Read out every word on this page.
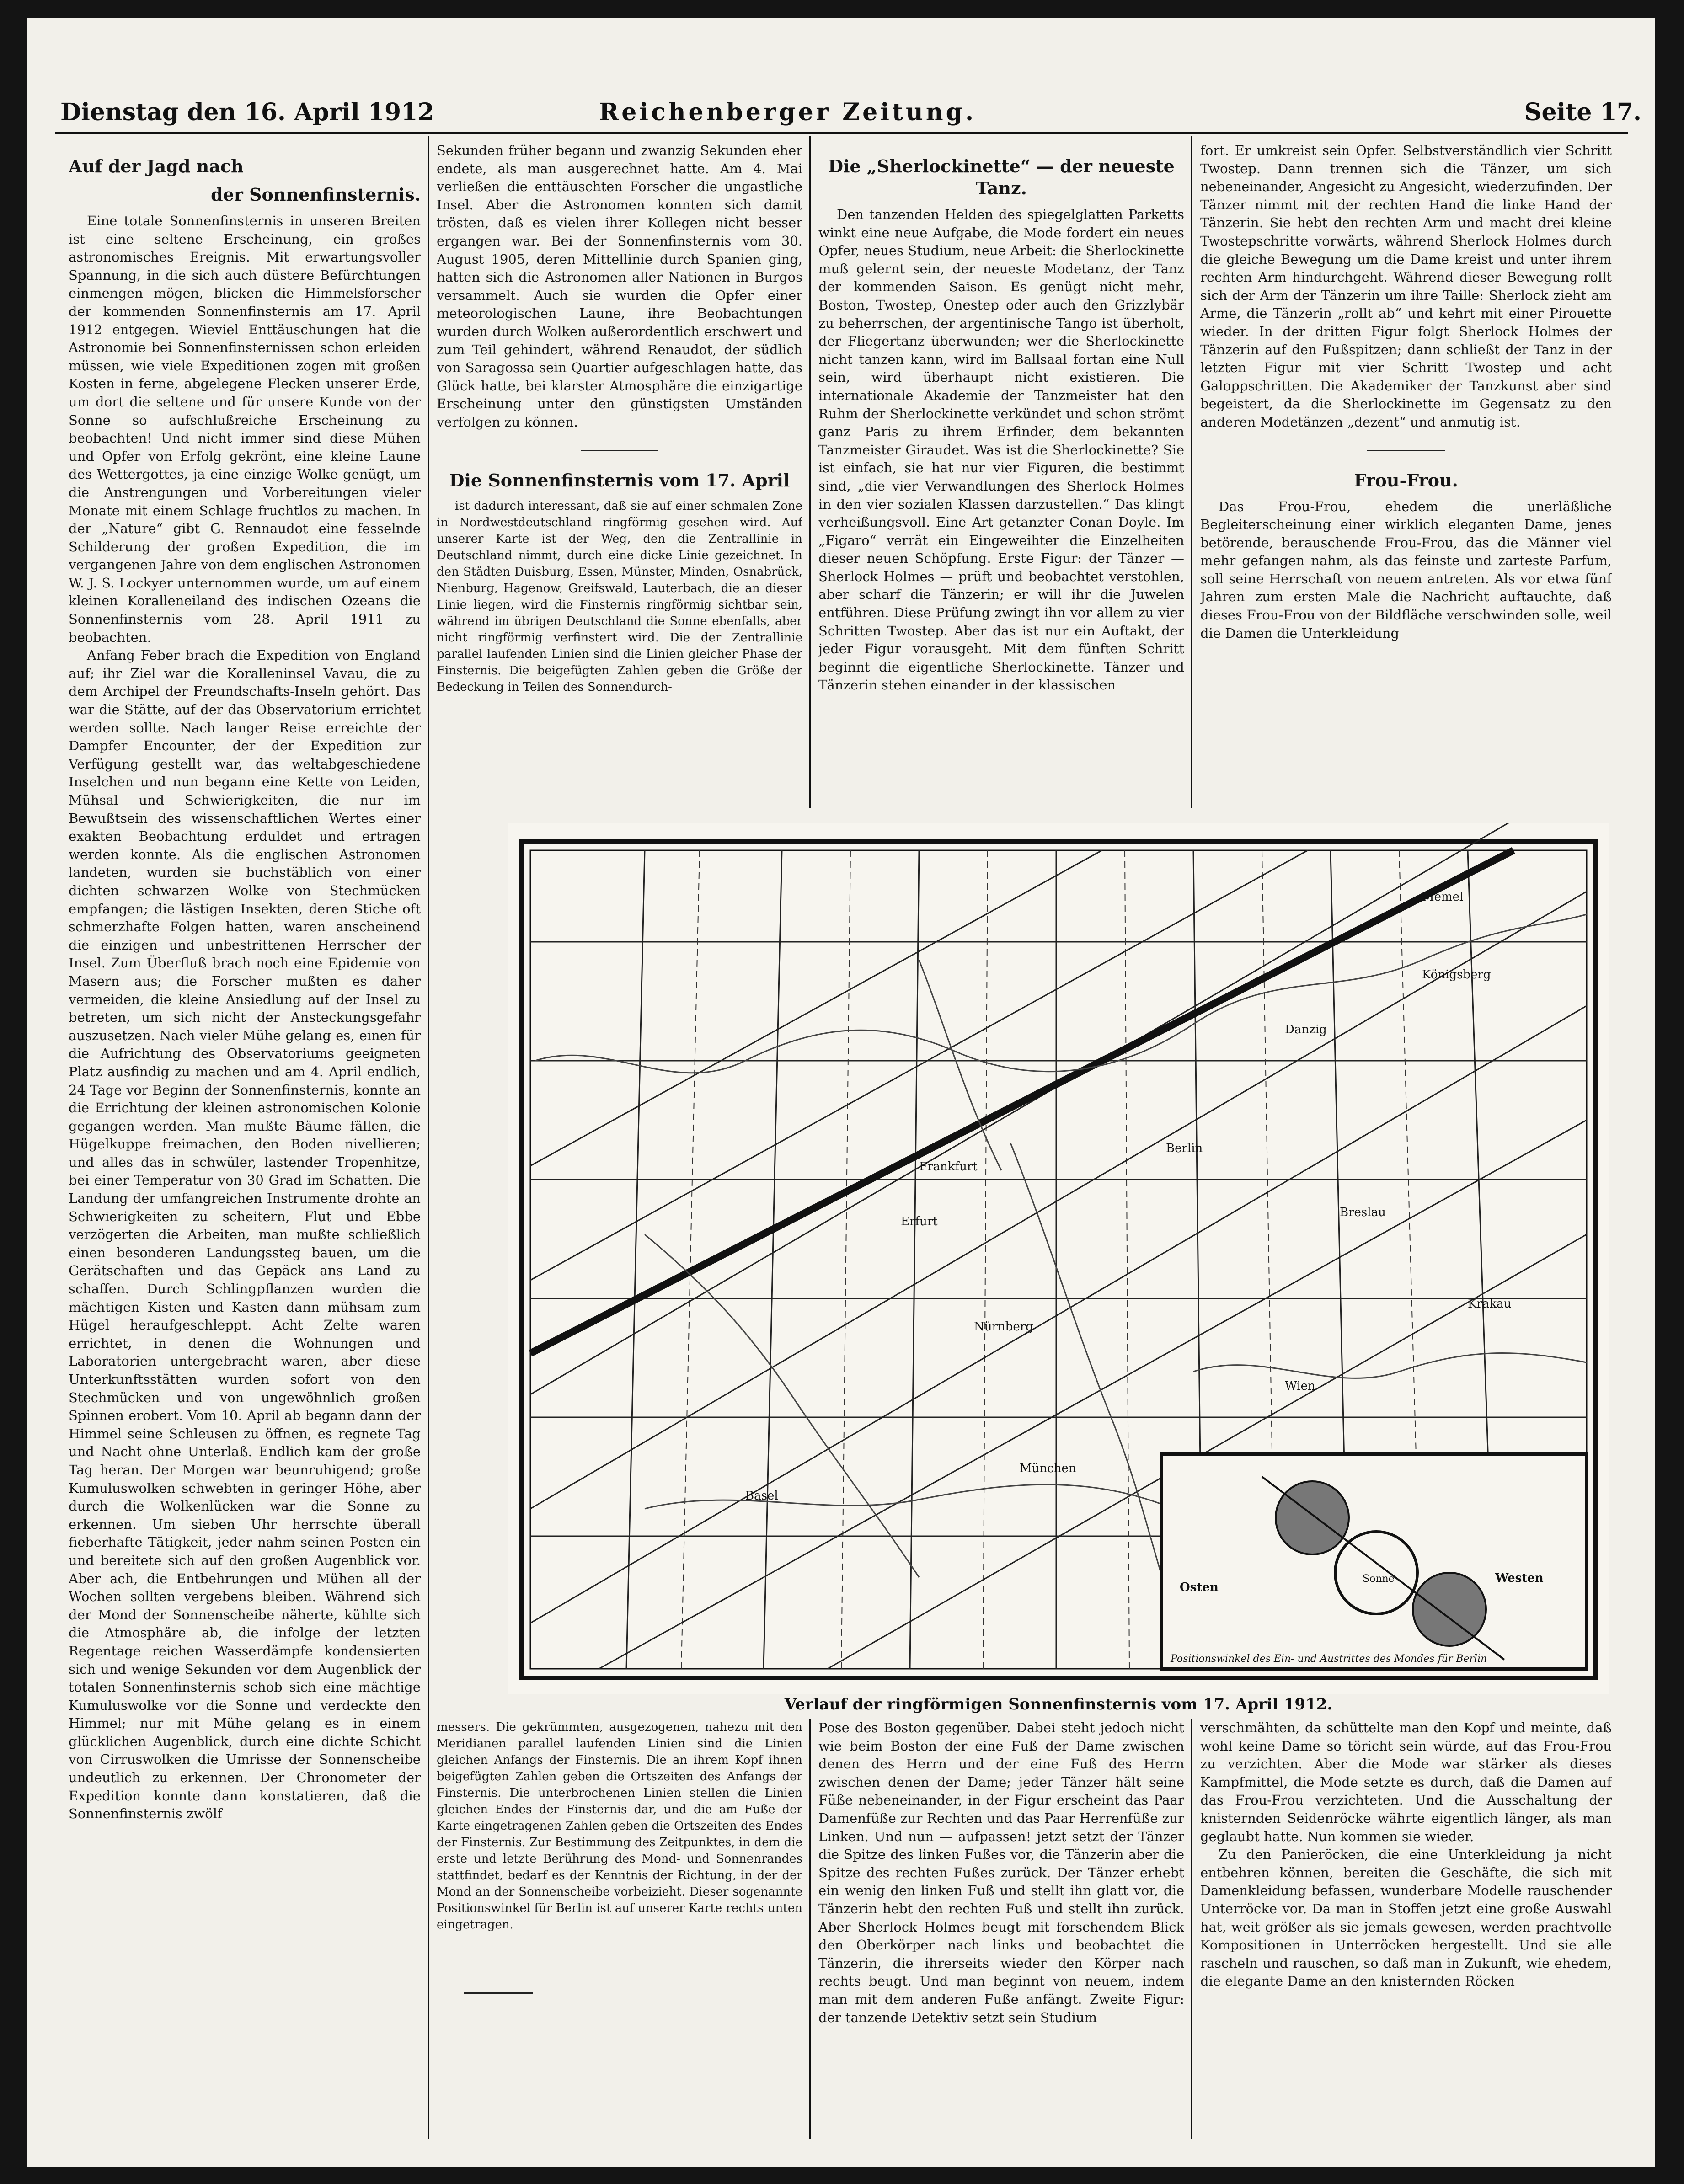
Dienstag den 16. April 1912	Reichenberger Zeitung.	Seite 17.
Auf der Jagd nach
der Sonnenfinsternis.

Eine totale Sonnenfinsternis in unseren Breiten ist eine seltene Erscheinung, ein großes astronomisches Ereignis. Mit erwartungsvoller Spannung, in die sich auch düstere Befürchtungen einmengen mögen, blicken die Himmelsforscher der kommenden Sonnenfinsternis am 17. April 1912 entgegen. Wieviel Enttäuschungen hat die Astronomie bei Sonnenfinsternissen schon erleiden müssen, wie viele Expeditionen zogen mit großen Kosten in ferne, abgelegene Flecken unserer Erde, um dort die seltene und für unsere Kunde von der Sonne so aufschlußreiche Erscheinung zu beobachten! Und nicht immer sind diese Mühen und Opfer von Erfolg gekrönt, eine kleine Laune des Wettergottes, ja eine einzige Wolke genügt, um die Anstrengungen und Vorbereitungen vieler Monate mit einem Schlage fruchtlos zu machen. In der „Nature“ gibt G. Rennaudot eine fesselnde Schilderung der großen Expedition, die im vergangenen Jahre von dem englischen Astronomen W. J. S. Lockyer unternommen wurde, um auf einem kleinen Koralleneiland des indischen Ozeans die Sonnenfinsternis vom 28. April 1911 zu beobachten.

Anfang Feber brach die Expedition von England auf; ihr Ziel war die Koralleninsel Vavau, die zu dem Archipel der Freundschafts-Inseln gehört. Das war die Stätte, auf der das Observatorium errichtet werden sollte. Nach langer Reise erreichte der Dampfer Encounter, der der Expedition zur Verfügung gestellt war, das weltabgeschiedene Inselchen und nun begann eine Kette von Leiden, Mühsal und Schwierigkeiten, die nur im Bewußtsein des wissenschaftlichen Wertes einer exakten Beobachtung erduldet und ertragen werden konnte. Als die englischen Astronomen landeten, wurden sie buchstäblich von einer dichten schwarzen Wolke von Stechmücken empfangen; die lästigen Insekten, deren Stiche oft schmerzhafte Folgen hatten, waren anscheinend die einzigen und unbestrittenen Herrscher der Insel. Zum Überfluß brach noch eine Epidemie von Masern aus; die Forscher mußten es daher vermeiden, die kleine Ansiedlung auf der Insel zu betreten, um sich nicht der Ansteckungsgefahr auszusetzen. Nach vieler Mühe gelang es, einen für die Aufrichtung des Observatoriums geeigneten Platz ausfindig zu machen und am 4. April endlich, 24 Tage vor Beginn der Sonnenfinsternis, konnte an die Errichtung der kleinen astronomischen Kolonie gegangen werden. Man mußte Bäume fällen, die Hügelkuppe freimachen, den Boden nivellieren; und alles das in schwüler, lastender Tropenhitze, bei einer Temperatur von 30 Grad im Schatten. Die Landung der umfangreichen Instrumente drohte an Schwierigkeiten zu scheitern, Flut und Ebbe verzögerten die Arbeiten, man mußte schließlich einen besonderen Landungssteg bauen, um die Gerätschaften und das Gepäck ans Land zu schaffen. Durch Schlingpflanzen wurden die mächtigen Kisten und Kasten dann mühsam zum Hügel heraufgeschleppt. Acht Zelte waren errichtet, in denen die Wohnungen und Laboratorien untergebracht waren, aber diese Unterkunftsstätten wurden sofort von den Stechmücken und von ungewöhnlich großen Spinnen erobert. Vom 10. April ab begann dann der Himmel seine Schleusen zu öffnen, es regnete Tag und Nacht ohne Unterlaß. Endlich kam der große Tag heran. Der Morgen war beunruhigend; große Kumuluswolken schwebten in geringer Höhe, aber durch die Wolkenlücken war die Sonne zu erkennen. Um sieben Uhr herrschte überall fieberhafte Tätigkeit, jeder nahm seinen Posten ein und bereitete sich auf den großen Augenblick vor. Aber ach, die Entbehrungen und Mühen all der Wochen sollten vergebens bleiben. Während sich der Mond der Sonnenscheibe näherte, kühlte sich die Atmosphäre ab, die infolge der letzten Regentage reichen Wasserdämpfe kondensierten sich und wenige Sekunden vor dem Augenblick der totalen Sonnenfinsternis schob sich eine mächtige Kumuluswolke vor die Sonne und verdeckte den Himmel; nur mit Mühe gelang es in einem glücklichen Augenblick, durch eine dichte Schicht von Cirruswolken die Umrisse der Sonnenscheibe undeutlich zu erkennen. Der Chronometer der Expedition konnte dann konstatieren, daß die Sonnenfinsternis zwölf

Sekunden früher begann und zwanzig Sekunden eher endete, als man ausgerechnet hatte. Am 4. Mai verließen die enttäuschten Forscher die ungastliche Insel. Aber die Astronomen konnten sich damit trösten, daß es vielen ihrer Kollegen nicht besser ergangen war. Bei der Sonnenfinsternis vom 30. August 1905, deren Mittellinie durch Spanien ging, hatten sich die Astronomen aller Nationen in Burgos versammelt. Auch sie wurden die Opfer einer meteorologischen Laune, ihre Beobachtungen wurden durch Wolken außerordentlich erschwert und zum Teil gehindert, während Renaudot, der südlich von Saragossa sein Quartier aufgeschlagen hatte, das Glück hatte, bei klarster Atmosphäre die einzigartige Erscheinung unter den günstigsten Umständen verfolgen zu können.

Die Sonnenfinsternis vom 17. April

ist dadurch interessant, daß sie auf einer schmalen Zone in Nordwestdeutschland ringförmig gesehen wird. Auf unserer Karte ist der Weg, den die Zentrallinie in Deutschland nimmt, durch eine dicke Linie gezeichnet. In den Städten Duisburg, Essen, Münster, Minden, Osnabrück, Nienburg, Hagenow, Greifswald, Lauterbach, die an dieser Linie liegen, wird die Finsternis ringförmig sichtbar sein, während im übrigen Deutschland die Sonne ebenfalls, aber nicht ringförmig verfinstert wird. Die der Zentrallinie parallel laufenden Linien sind die Linien gleicher Phase der Finsternis. Die beigefügten Zahlen geben die Größe der Bedeckung in Teilen des Sonnendurch-

Die „Sherlockinette“ — der neueste Tanz.

Den tanzenden Helden des spiegelglatten Parketts winkt eine neue Aufgabe, die Mode fordert ein neues Opfer, neues Studium, neue Arbeit: die Sherlockinette muß gelernt sein, der neueste Modetanz, der Tanz der kommenden Saison. Es genügt nicht mehr, Boston, Twostep, Onestep oder auch den Grizzlybär zu beherrschen, der argentinische Tango ist überholt, der Fliegertanz überwunden; wer die Sherlockinette nicht tanzen kann, wird im Ballsaal fortan eine Null sein, wird überhaupt nicht existieren. Die internationale Akademie der Tanzmeister hat den Ruhm der Sherlockinette verkündet und schon strömt ganz Paris zu ihrem Erfinder, dem bekannten Tanzmeister Giraudet. Was ist die Sherlockinette? Sie ist einfach, sie hat nur vier Figuren, die bestimmt sind, „die vier Verwandlungen des Sherlock Holmes in den vier sozialen Klassen darzustellen.“ Das klingt verheißungsvoll. Eine Art getanzter Conan Doyle. Im „Figaro“ verrät ein Eingeweihter die Einzelheiten dieser neuen Schöpfung. Erste Figur: der Tänzer — Sherlock Holmes — prüft und beobachtet verstohlen, aber scharf die Tänzerin; er will ihr die Juwelen entführen. Diese Prüfung zwingt ihn vor allem zu vier Schritten Twostep. Aber das ist nur ein Auftakt, der jeder Figur vorausgeht. Mit dem fünften Schritt beginnt die eigentliche Sherlockinette. Tänzer und Tänzerin stehen einander in der klassischen

fort. Er umkreist sein Opfer. Selbstverständlich vier Schritt Twostep. Dann trennen sich die Tänzer, um sich nebeneinander, Angesicht zu Angesicht, wiederzufinden. Der Tänzer nimmt mit der rechten Hand die linke Hand der Tänzerin. Sie hebt den rechten Arm und macht drei kleine Twostepschritte vorwärts, während Sherlock Holmes durch die gleiche Bewegung um die Dame kreist und unter ihrem rechten Arm hindurchgeht. Während dieser Bewegung rollt sich der Arm der Tänzerin um ihre Taille: Sherlock zieht am Arme, die Tänzerin „rollt ab“ und kehrt mit einer Pirouette wieder. In der dritten Figur folgt Sherlock Holmes der Tänzerin auf den Fußspitzen; dann schließt der Tanz in der letzten Figur mit vier Schritt Twostep und acht Galoppschritten. Die Akademiker der Tanzkunst aber sind begeistert, da die Sherlockinette im Gegensatz zu den anderen Modetänzen „dezent“ und anmutig ist.

Frou-Frou.

Das Frou-Frou, ehedem die unerläßliche Begleiterscheinung einer wirklich eleganten Dame, jenes betörende, berauschende Frou-Frou, das die Männer viel mehr gefangen nahm, als das feinste und zarteste Parfum, soll seine Herrschaft von neuem antreten. Als vor etwa fünf Jahren zum ersten Male die Nachricht auftauchte, daß dieses Frou-Frou von der Bildfläche verschwinden solle, weil die Damen die Unterkleidung

Memel
Königsberg
Danzig
Berlin
Frankfurt
Erfurt
Nürnberg
München
Breslau
Krakau
Basel
Wien
Osten
Westen
Sonne
Positionswinkel des Ein- und Austrittes des Mondes für Berlin
Verlauf der ringförmigen Sonnenfinsternis vom 17. April 1912.

messers. Die gekrümmten, ausgezogenen, nahezu mit den Meridianen parallel laufenden Linien sind die Linien gleichen Anfangs der Finsternis. Die an ihrem Kopf ihnen beigefügten Zahlen geben die Ortszeiten des Anfangs der Finsternis. Die unterbrochenen Linien stellen die Linien gleichen Endes der Finsternis dar, und die am Fuße der Karte eingetragenen Zahlen geben die Ortszeiten des Endes der Finsternis. Zur Bestimmung des Zeitpunktes, in dem die erste und letzte Berührung des Mond- und Sonnenrandes stattfindet, bedarf es der Kenntnis der Richtung, in der der Mond an der Sonnenscheibe vorbeizieht. Dieser sogenannte Positionswinkel für Berlin ist auf unserer Karte rechts unten eingetragen.

Pose des Boston gegenüber. Dabei steht jedoch nicht wie beim Boston der eine Fuß der Dame zwischen denen des Herrn und der eine Fuß des Herrn zwischen denen der Dame; jeder Tänzer hält seine Füße nebeneinander, in der Figur erscheint das Paar Damenfüße zur Rechten und das Paar Herrenfüße zur Linken. Und nun — aufpassen! jetzt setzt der Tänzer die Spitze des linken Fußes vor, die Tänzerin aber die Spitze des rechten Fußes zurück. Der Tänzer erhebt ein wenig den linken Fuß und stellt ihn glatt vor, die Tänzerin hebt den rechten Fuß und stellt ihn zurück. Aber Sherlock Holmes beugt mit forschendem Blick den Oberkörper nach links und beobachtet die Tänzerin, die ihrerseits wieder den Körper nach rechts beugt. Und man beginnt von neuem, indem man mit dem anderen Fuße anfängt. Zweite Figur: der tanzende Detektiv setzt sein Studium

verschmähten, da schüttelte man den Kopf und meinte, daß wohl keine Dame so töricht sein würde, auf das Frou-Frou zu verzichten. Aber die Mode war stärker als dieses Kampfmittel, die Mode setzte es durch, daß die Damen auf das Frou-Frou verzichteten. Und die Ausschaltung der knisternden Seidenröcke währte eigentlich länger, als man geglaubt hatte. Nun kommen sie wieder.

Zu den Panieröcken, die eine Unterkleidung ja nicht entbehren können, bereiten die Geschäfte, die sich mit Damenkleidung befassen, wunderbare Modelle rauschender Unterröcke vor. Da man in Stoffen jetzt eine große Auswahl hat, weit größer als sie jemals gewesen, werden prachtvolle Kompositionen in Unterröcken hergestellt. Und sie alle rascheln und rauschen, so daß man in Zukunft, wie ehedem, die elegante Dame an den knisternden Röcken
